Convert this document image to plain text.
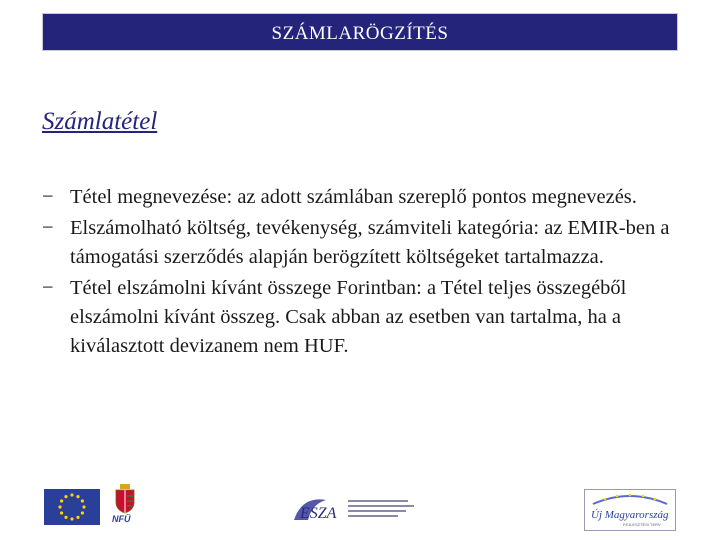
SZÁMLARÖGZÍTÉS
Számlatétel
− Tétel megnevezése: az adott számlában szereplő pontos megnevezés.
− Elszámolható költség, tevékenység, számviteli kategória: az EMIR-ben a támogatási szerződés alapján berögzített költségeket tartalmazza.
− Tétel elszámolni kívánt összege Forintban: a Tétel teljes összegéből elszámolni kívánt összeg. Csak abban az esetben van tartalma, ha a kiválasztott devizanem nem HUF.
NFÜ	ESZA	Új Magyarország
FEJLESZTÉSI TERV
